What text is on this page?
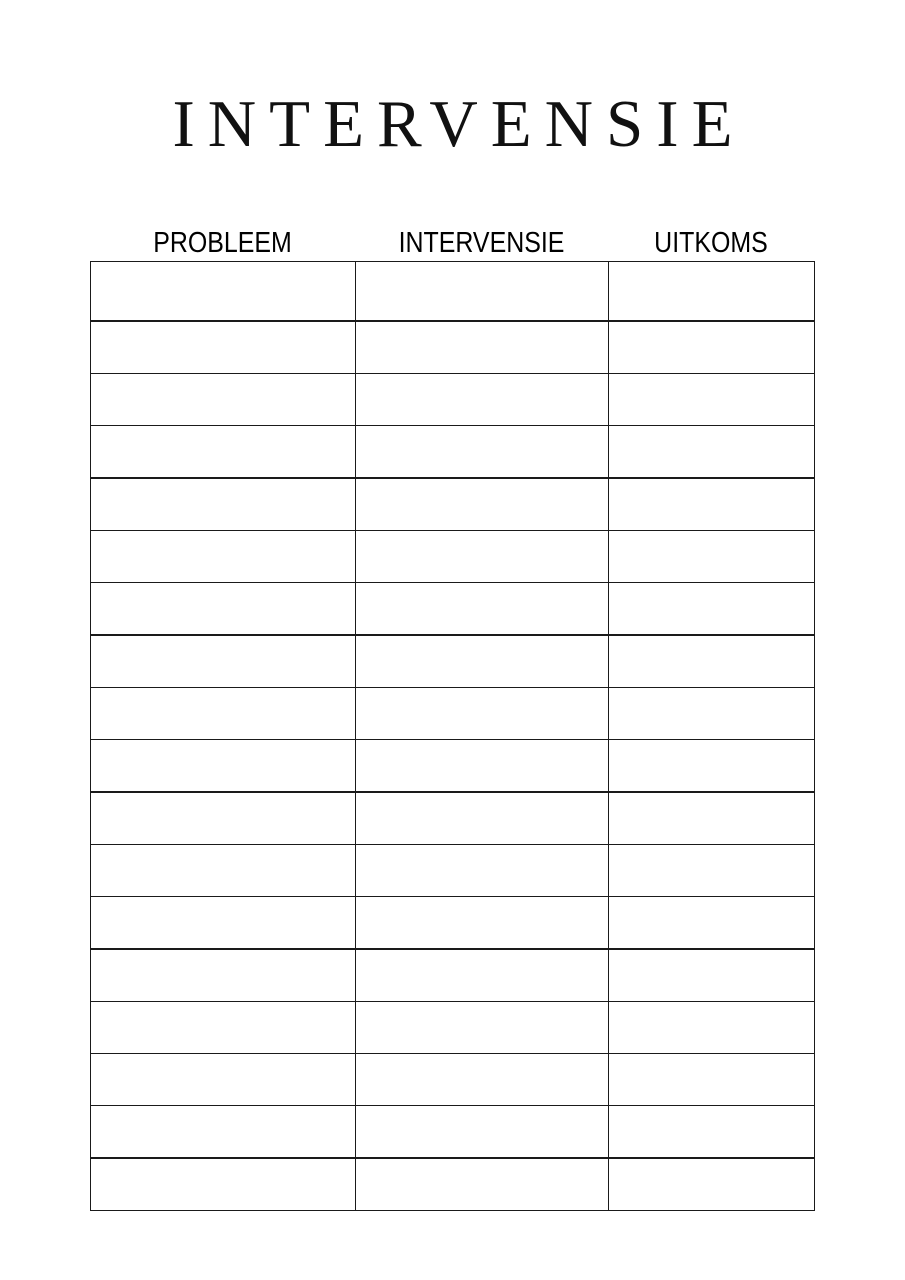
INTERVENSIE
PROBLEEM	INTERVENSIE	UITKOMS
